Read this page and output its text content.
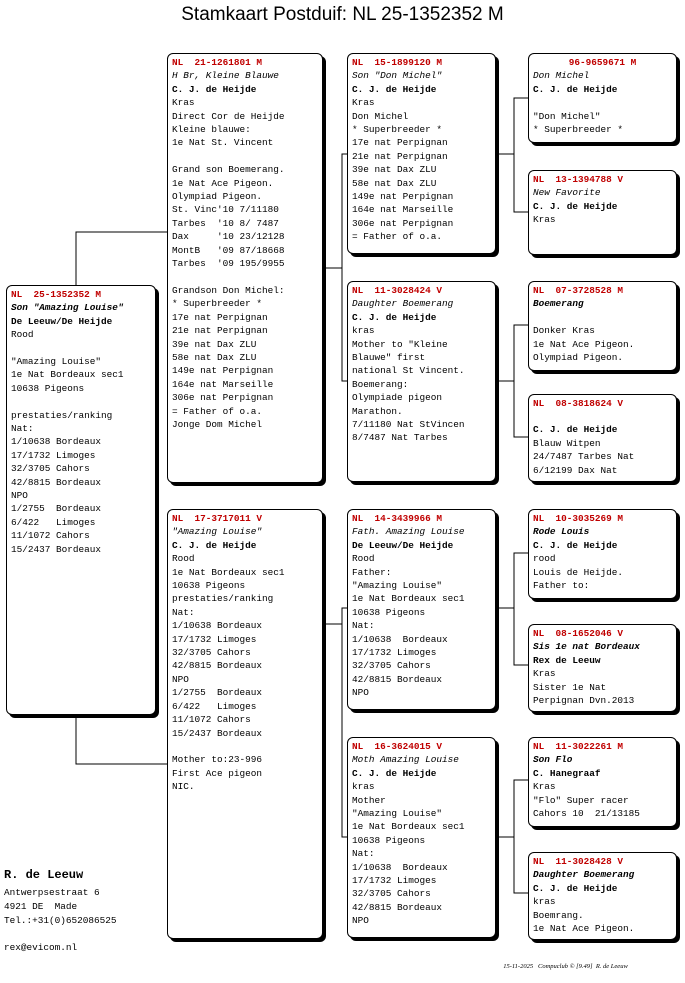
Stamkaart Postduif: NL 25-1352352 M
NL  25-1352352 M
Son "Amazing Louise"
De Leeuw/De Heijde
Rood
"Amazing Louise"
1e Nat Bordeaux sec1
10638 Pigeons
prestaties/ranking
Nat:
1/10638 Bordeaux
17/1732 Limoges
32/3705 Cahors
42/8815 Bordeaux
NPO
1/2755  Bordeaux
6/422   Limoges
11/1072 Cahors
15/2437 Bordeaux
NL  21-1261801 M
H Br, Kleine Blauwe
C. J. de Heijde
Kras
Direct Cor de Heijde
Kleine blauwe:
1e Nat St. Vincent
Grand son Boemerang.
1e Nat Ace Pigeon.
Olympiad Pigeon.
St. Vinc'10 7/11180
Tarbes  '10 8/ 7487
Dax     '10 23/12128
MontB   '09 87/18668
Tarbes  '09 195/9955
Grandson Don Michel:
* Superbreeder *
17e nat Perpignan
21e nat Perpignan
39e nat Dax ZLU
58e nat Dax ZLU
149e nat Perpignan
164e nat Marseille
306e nat Perpignan
= Father of o.a.
Jonge Dom Michel
NL  17-3717011 V
"Amazing Louise"
C. J. de Heijde
Rood
1e Nat Bordeaux sec1
10638 Pigeons
prestaties/ranking
Nat:
1/10638 Bordeaux
17/1732 Limoges
32/3705 Cahors
42/8815 Bordeaux
NPO
1/2755  Bordeaux
6/422   Limoges
11/1072 Cahors
15/2437 Bordeaux
Mother to:23-996
First Ace pigeon
NIC.
NL  15-1899120 M
Son "Don Michel"
C. J. de Heijde
Kras
Don Michel
* Superbreeder *
17e nat Perpignan
21e nat Perpignan
39e nat Dax ZLU
58e nat Dax ZLU
149e nat Perpignan
164e nat Marseille
306e nat Perpignan
= Father of o.a.
NL  11-3028424 V
Daughter Boemerang
C. J. de Heijde
kras
Mother to "Kleine
Blauwe" first
national St Vincent.
Boemerang:
Olympiade pigeon
Marathon.
7/11180 Nat StVincen
8/7487 Nat Tarbes
NL  14-3439966 M
Fath. Amazing Louise
De Leeuw/De Heijde
Rood
Father:
"Amazing Louise"
1e Nat Bordeaux sec1
10638 Pigeons
Nat:
1/10638  Bordeaux
17/1732 Limoges
32/3705 Cahors
42/8815 Bordeaux
NPO
NL  16-3624015 V
Moth Amazing Louise
C. J. de Heijde
kras
Mother
"Amazing Louise"
1e Nat Bordeaux sec1
10638 Pigeons
Nat:
1/10638  Bordeaux
17/1732 Limoges
32/3705 Cahors
42/8815 Bordeaux
NPO
96-9659671 M
Don Michel
C. J. de Heijde
"Don Michel"
* Superbreeder *
NL  13-1394788 V
New Favorite
C. J. de Heijde
Kras
NL  07-3728528 M
Boemerang
Donker Kras
1e Nat Ace Pigeon.
Olympiad Pigeon.
NL  08-3818624 V
C. J. de Heijde
Blauw Witpen
24/7487 Tarbes Nat
6/12199 Dax Nat
NL  10-3035269 M
Rode Louis
C. J. de Heijde
rood
Louis de Heijde.
Father to:
NL  08-1652046 V
Sis 1e nat Bordeaux
Rex de Leeuw
Kras
Sister 1e Nat
Perpignan Dvn.2013
NL  11-3022261 M
Son Flo
C. Hanegraaf
Kras
"Flo" Super racer
Cahors 10  21/13185
NL  11-3028428 V
Daughter Boemerang
C. J. de Heijde
kras
Boemrang.
1e Nat Ace Pigeon.
R. de Leeuw
Antwerpsestraat 6
4921 DE  Made
Tel.:+31(0)652086525
rex@evicom.nl

15-11-2025 Compuclub © [9.49] R. de Leeuw
